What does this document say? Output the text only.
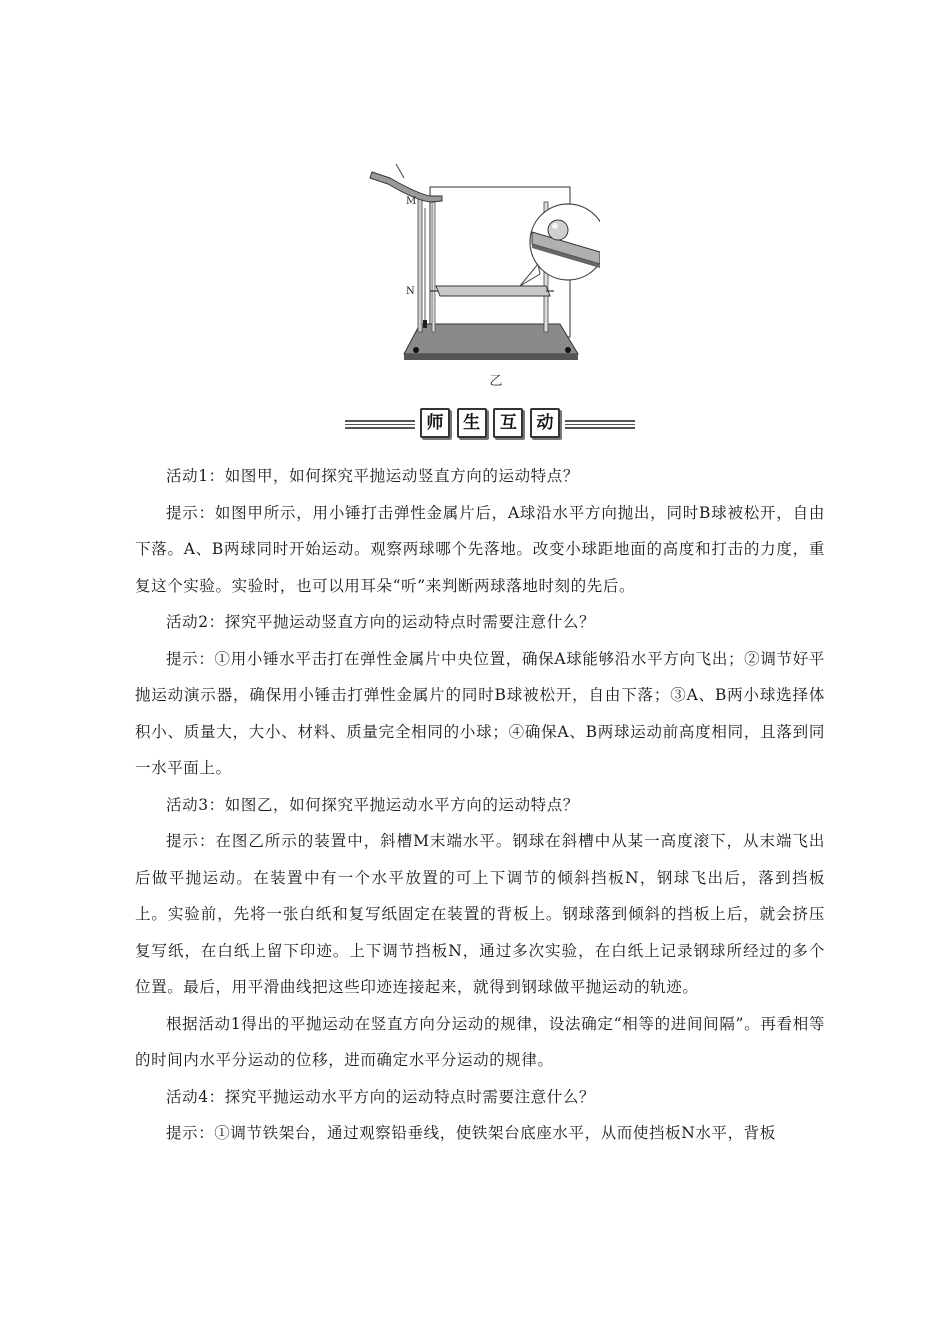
M
N
乙
师	生	互	动

活动1：如图甲，如何探究平抛运动竖直方向的运动特点？

提示：如图甲所示，用小锤打击弹性金属片后，A球沿水平方向抛出，同时B球被松开，自由下落。A、B两球同时开始运动。观察两球哪个先落地。改变小球距地面的高度和打击的力度，重复这个实验。实验时，也可以用耳朵“听”来判断两球落地时刻的先后。

活动2：探究平抛运动竖直方向的运动特点时需要注意什么？

提示：①用小锤水平击打在弹性金属片中央位置，确保A球能够沿水平方向飞出；②调节好平抛运动演示器，确保用小锤击打弹性金属片的同时B球被松开，自由下落；③A、B两小球选择体积小、质量大，大小、材料、质量完全相同的小球；④确保A、B两球运动前高度相同，且落到同一水平面上。

活动3：如图乙，如何探究平抛运动水平方向的运动特点？

提示：在图乙所示的装置中，斜槽M末端水平。钢球在斜槽中从某一高度滚下，从末端飞出后做平抛运动。在装置中有一个水平放置的可上下调节的倾斜挡板N，钢球飞出后，落到挡板上。实验前，先将一张白纸和复写纸固定在装置的背板上。钢球落到倾斜的挡板上后，就会挤压复写纸，在白纸上留下印迹。上下调节挡板N，通过多次实验，在白纸上记录钢球所经过的多个位置。最后，用平滑曲线把这些印迹连接起来，就得到钢球做平抛运动的轨迹。

根据活动1得出的平抛运动在竖直方向分运动的规律，设法确定“相等的进间间隔”。再看相等的时间内水平分运动的位移，进而确定水平分运动的规律。

活动4：探究平抛运动水平方向的运动特点时需要注意什么？

提示：①调节铁架台，通过观察铅垂线，使铁架台底座水平，从而使挡板N水平，背板
